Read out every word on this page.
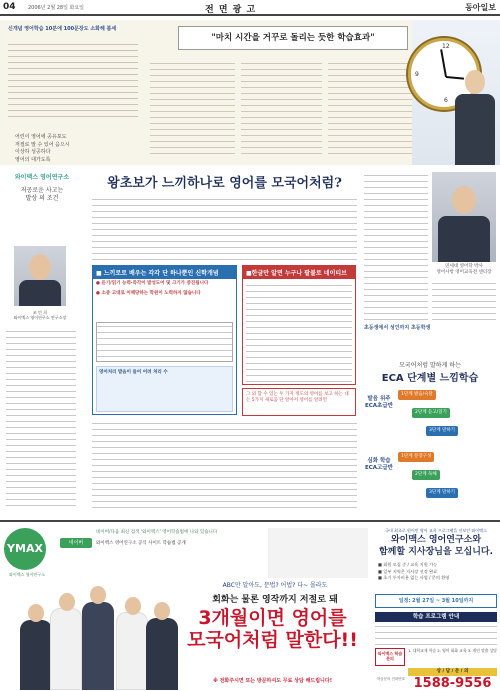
04 2006년 2월 28일 화요일	전 면 광 고	동아일보
신개념 영어학습 10분에 100문장도 소화해 봄세
어린이 영어에 공유포도
저절로 말 수 있어 음으시
이상하 성공하다
영어의 대가도록
"마치 시간을 거꾸로 돌리는 듯한 학습효과"
12
6
9
와이맥스 영어연구소
저공로운 사고는
발상 의 조건
조 민 희
와이맥스 영어연구소 연구소장
왕초보가 느끼하나로 영어를 모국어처럼?
■ 느끼로로 배우는 각각 단 하나뿐인 신학개념
● 듣기/읽기 능력·즉각이 발성도어 및 크기가 증진됩니다
● 소중 고대로 이해당하는 학원이 노력하지 않습니다
영어처리 발음이 들어 어려 처리 수
■한글만 알면 누구나 팔불로 네이티브
그 외 할 수 있는 두 가지 정도의 영어를 보고 하는 대는 5가지 새로움 단 알아서 영어를 알려면
연세대 영어학 박사
영어사항 영어교육전 센터장
초등생에서 성인까지 초등학생
모국어처럼 말하게 하는
ECA 단계별 느낌학습
발음 위주 ECA초급반
1단계 발음/숙달
2단계 듣고/읽기
3단계 말하기
심화 학습 ECA고급반
1단계 문장구성
2단계 독해
3단계 말하기
YMAX
와이맥스 영어연구소
네이버
네이버/다음 최신 검색 '와이맥스' 영어학습법에 나와 있습니다
와이맥스 영어연구소 공식 사이트 학습법 공개
ABC만 알아도, 문법? 어법? 다~ 몰라도
회화는 물론 영작까지 저절로 돼
3개월이면 영어를
모국어처럼 말한다!!
※ 전화주시면 또는 방문하셔도 무료 상담 해드립니다!
국내 최초로 원어민 영어 교육 프로그램을 선보인 와이맥스
와이맥스 영어연구소와
함께할 지사장님을 모십니다.
■ 회원 모집 중 / 교육 지원 가능
■ 일부 지역은 지사장 선정 완료
■ 초기 투자비용 없는 사업 / 문의 환영
일정: 2월 27일 ~ 3월 10일까지
학습 프로그램 안내
와이맥스 학습문의
1. 대학교재 학습 2. 영어 회화 교육 3. 개인 맞춤 상담
상 / 담 / 문 / 의
학습문의 전화번호 1588-9556
